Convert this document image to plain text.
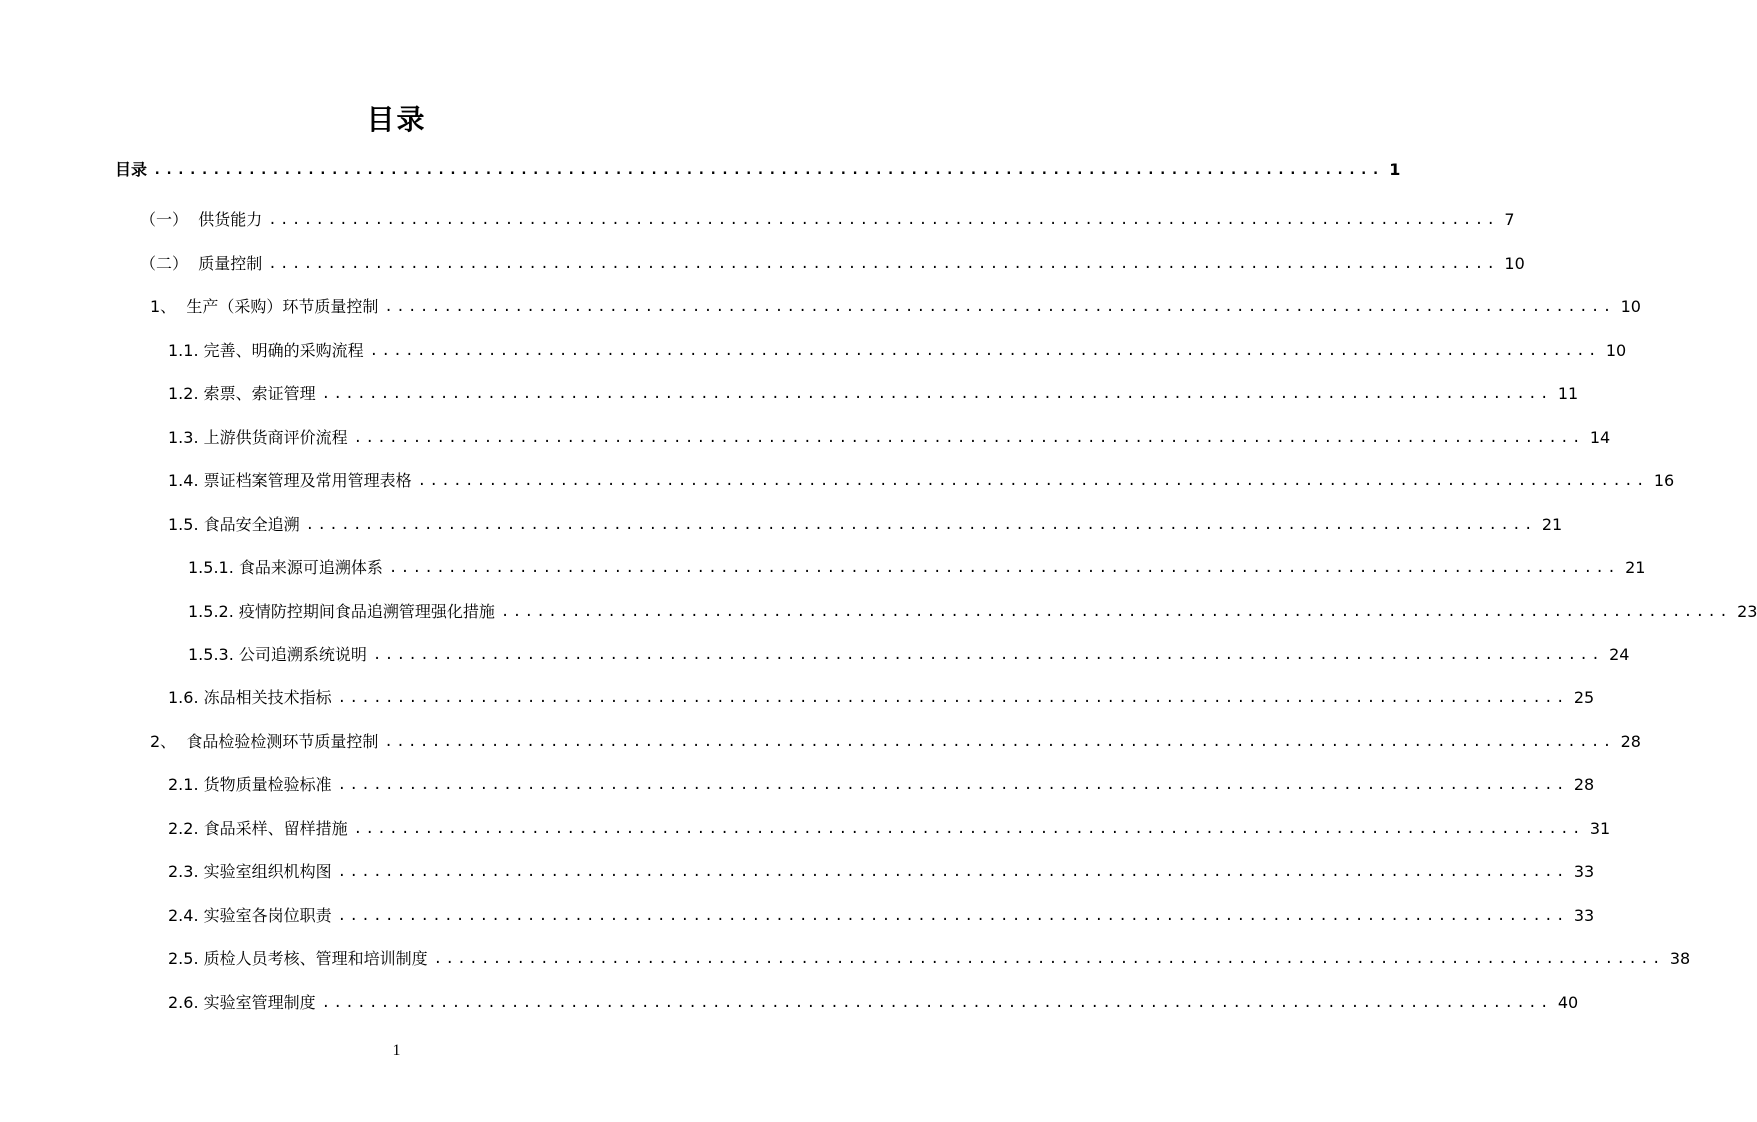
目录
目录 ........................................................................................................ 1
（一） 供货能力 ........................................................................................................ 7
（二） 质量控制 ........................................................................................................ 10
1、 生产（采购）环节质量控制 ........................................................................................................ 10
1.1. 完善、明确的采购流程 ........................................................................................................ 10
1.2. 索票、索证管理 ........................................................................................................ 11
1.3. 上游供货商评价流程 ........................................................................................................ 14
1.4. 票证档案管理及常用管理表格 ........................................................................................................ 16
1.5. 食品安全追溯 ........................................................................................................ 21
1.5.1. 食品来源可追溯体系 ........................................................................................................ 21
1.5.2. 疫情防控期间食品追溯管理强化措施 ........................................................................................................ 23
1.5.3. 公司追溯系统说明 ........................................................................................................ 24
1.6. 冻品相关技术指标 ........................................................................................................ 25
2、 食品检验检测环节质量控制 ........................................................................................................ 28
2.1. 货物质量检验标准 ........................................................................................................ 28
2.2. 食品采样、留样措施 ........................................................................................................ 31
2.3. 实验室组织机构图 ........................................................................................................ 33
2.4. 实验室各岗位职责 ........................................................................................................ 33
2.5. 质检人员考核、管理和培训制度 ........................................................................................................ 38
2.6. 实验室管理制度 ........................................................................................................ 40
1
